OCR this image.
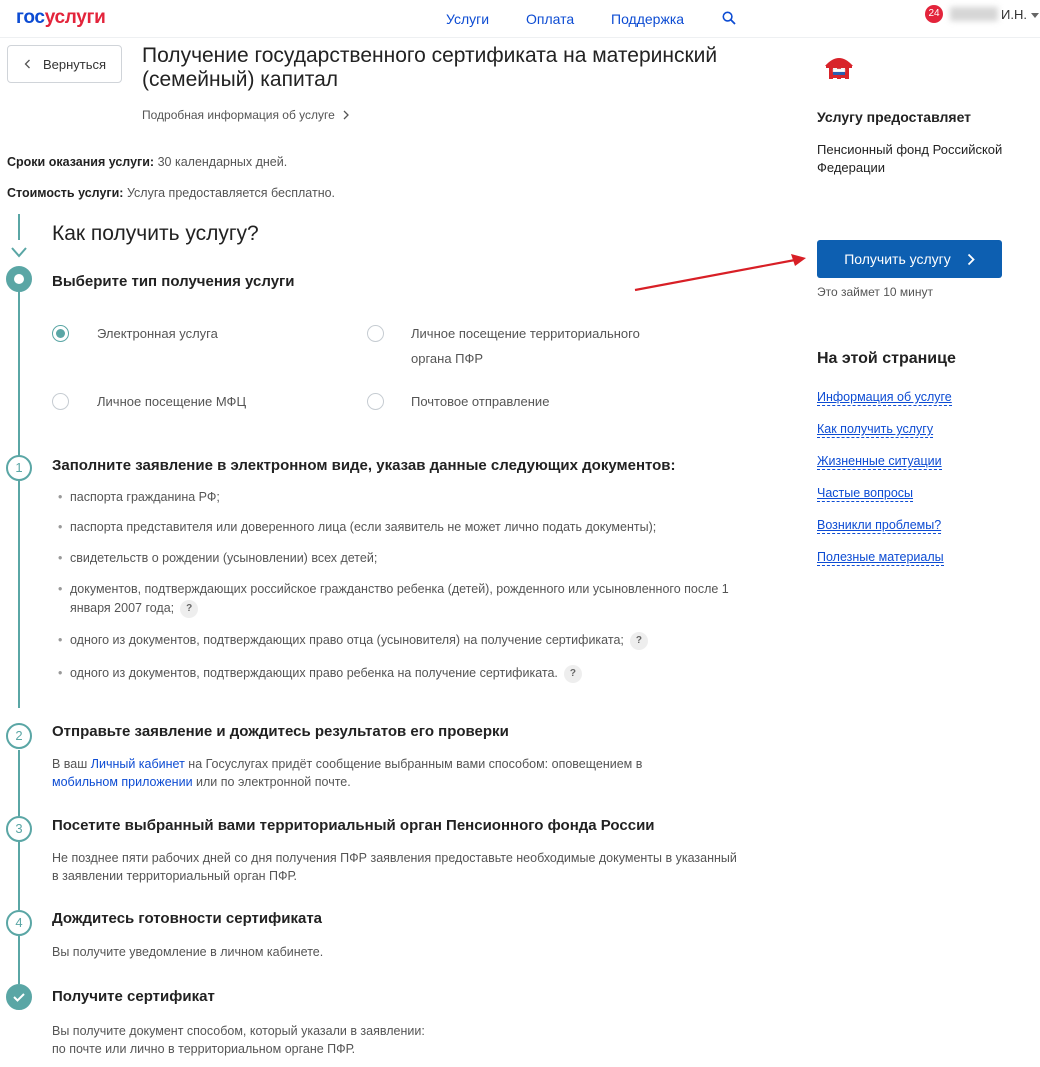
госуслуги	Услуги	Оплата	Поддержка	24	И.Н.
Вернуться Получение государственного сертификата на материнский (семейный) капитал
Подробная информация об услуге
Сроки оказания услуги: 30 календарных дней.
Стоимость услуги: Услуга предоставляется бесплатно.
Как получить услугу?
Выберите тип получения услуги
Электронная услуга	Личное посещение территориального органа ПФР
Личное посещение МФЦ	Почтовое отправление
1	Заполните заявление в электронном виде, указав данные следующих документов:
• паспорта гражданина РФ;
• паспорта представителя или доверенного лица (если заявитель не может лично подать документы);
• свидетельств о рождении (усыновлении) всех детей;
• документов, подтверждающих российское гражданство ребенка (детей), рожденного или усыновленного после 1 января 2007 года; ?
• одного из документов, подтверждающих право отца (усыновителя) на получение сертификата; ?
• одного из документов, подтверждающих право ребенка на получение сертификата. ?
2	Отправьте заявление и дождитесь результатов его проверки
В ваш Личный кабинет на Госуслугах придёт сообщение выбранным вами способом: оповещением в
мобильном приложении или по электронной почте.
3	Посетите выбранный вами территориальный орган Пенсионного фонда России
Не позднее пяти рабочих дней со дня получения ПФР заявления предоставьте необходимые документы в указанный в заявлении территориальный орган ПФР.
4	Дождитесь готовности сертификата
Вы получите уведомление в личном кабинете.
Получите сертификат
Вы получите документ способом, который указали в заявлении:
по почте или лично в территориальном органе ПФР.
Услугу предоставляет
Пенсионный фонд Российской Федерации
Получить услугу
Это займет 10 минут
На этой странице
Информация об услуге
Как получить услугу
Жизненные ситуации
Частые вопросы
Возникли проблемы?
Полезные материалы
